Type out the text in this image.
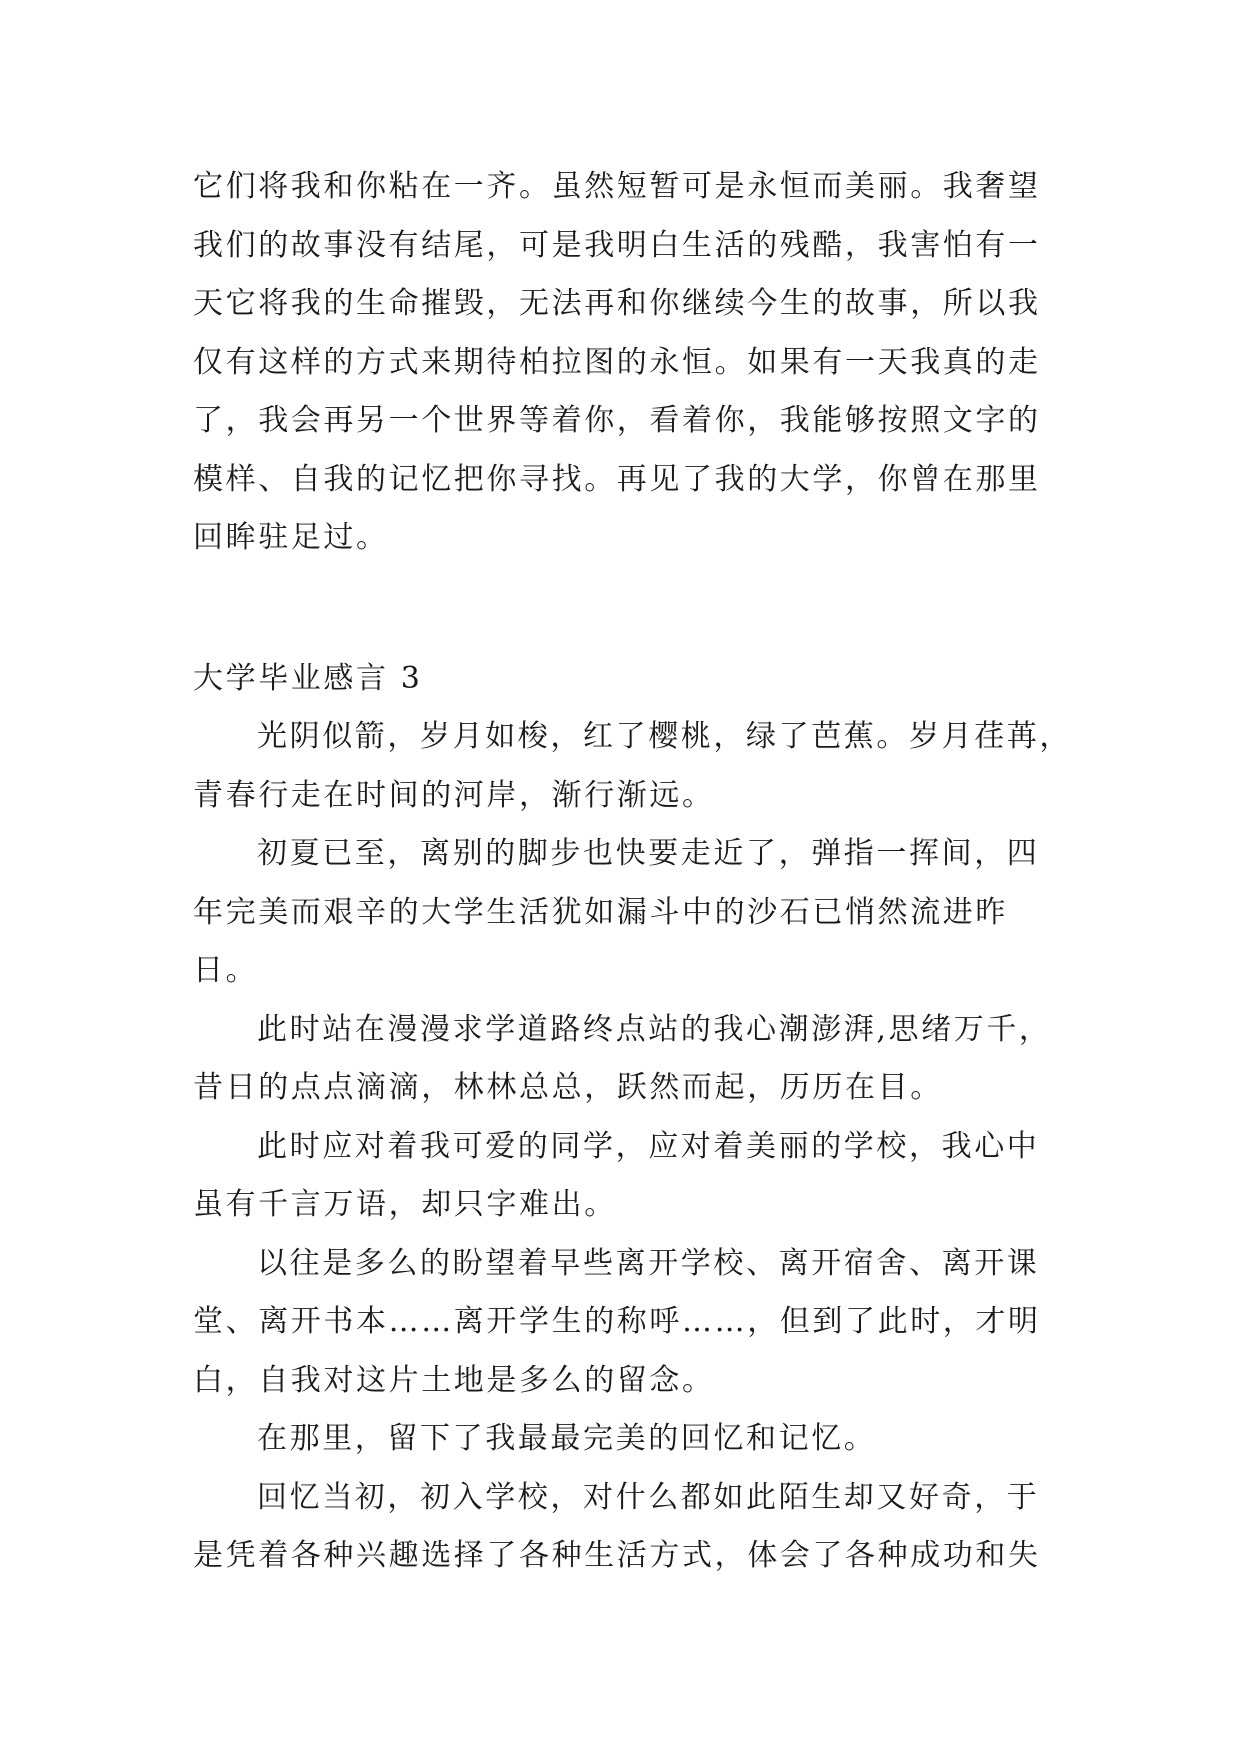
它们将我和你粘在一齐。虽然短暂可是永恒而美丽。我奢望
我们的故事没有结尾，可是我明白生活的残酷，我害怕有一
天它将我的生命摧毁，无法再和你继续今生的故事，所以我
仅有这样的方式来期待柏拉图的永恒。如果有一天我真的走
了，我会再另一个世界等着你，看着你，我能够按照文字的
模样、自我的记忆把你寻找。再见了我的大学，你曾在那里
回眸驻足过。
大学毕业感言 3
光阴似箭，岁月如梭，红了樱桃，绿了芭蕉。岁月荏苒，
青春行走在时间的河岸，渐行渐远。
初夏已至，离别的脚步也快要走近了，弹指一挥间，四
年完美而艰辛的大学生活犹如漏斗中的沙石已悄然流进昨
日。
此时站在漫漫求学道路终点站的我心潮澎湃,思绪万千，
昔日的点点滴滴，林林总总，跃然而起，历历在目。
此时应对着我可爱的同学，应对着美丽的学校，我心中
虽有千言万语，却只字难出。
以往是多么的盼望着早些离开学校、离开宿舍、离开课
堂、离开书本……离开学生的称呼……，但到了此时，才明
白，自我对这片土地是多么的留念。
在那里，留下了我最最完美的回忆和记忆。
回忆当初，初入学校，对什么都如此陌生却又好奇，于
是凭着各种兴趣选择了各种生活方式，体会了各种成功和失
